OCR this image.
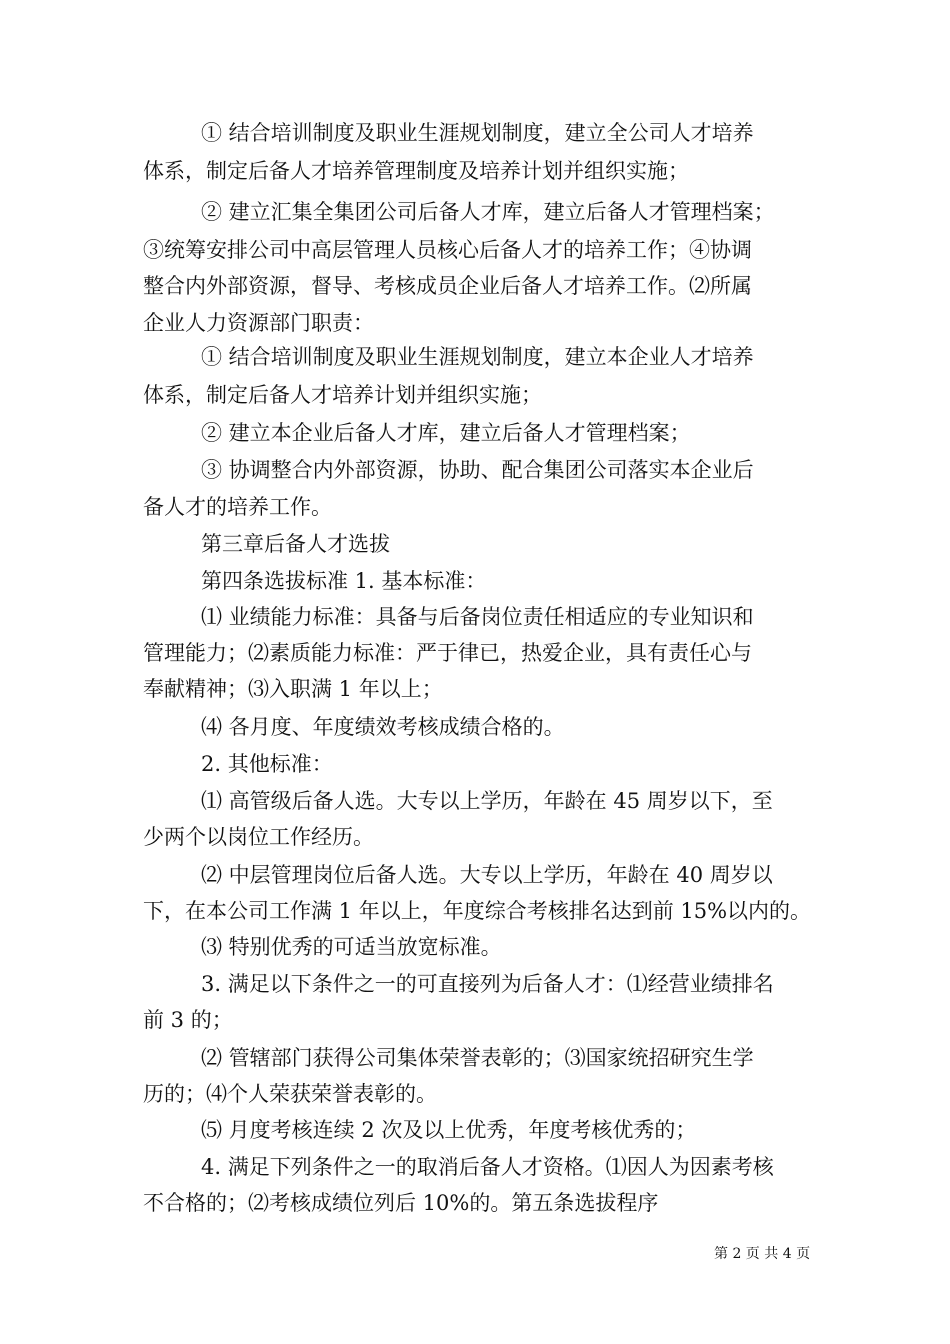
① 结合培训制度及职业生涯规划制度，建立全公司人才培养
体系，制定后备人才培养管理制度及培养计划并组织实施；
② 建立汇集全集团公司后备人才库，建立后备人才管理档案；
③统筹安排公司中高层管理人员核心后备人才的培养工作；④协调
整合内外部资源，督导、考核成员企业后备人才培养工作。⑵所属
企业人力资源部门职责：
① 结合培训制度及职业生涯规划制度，建立本企业人才培养
体系，制定后备人才培养计划并组织实施；
② 建立本企业后备人才库，建立后备人才管理档案；
③ 协调整合内外部资源，协助、配合集团公司落实本企业后
备人才的培养工作。
第三章后备人才选拔
第四条选拔标准 1. 基本标准：
⑴ 业绩能力标准：具备与后备岗位责任相适应的专业知识和
管理能力；⑵素质能力标准：严于律已，热爱企业，具有责任心与
奉献精神；⑶入职满 1 年以上；
⑷ 各月度、年度绩效考核成绩合格的。
2. 其他标准：
⑴ 高管级后备人选。大专以上学历，年龄在 45 周岁以下，至
少两个以岗位工作经历。
⑵ 中层管理岗位后备人选。大专以上学历，年龄在 40 周岁以
下，在本公司工作满 1 年以上，年度综合考核排名达到前 15%以内的。
⑶ 特别优秀的可适当放宽标准。
3. 满足以下条件之一的可直接列为后备人才：⑴经营业绩排名
前 3 的；
⑵ 管辖部门获得公司集体荣誉表彰的；⑶国家统招研究生学
历的；⑷个人荣获荣誉表彰的。
⑸ 月度考核连续 2 次及以上优秀，年度考核优秀的；
4. 满足下列条件之一的取消后备人才资格。⑴因人为因素考核
不合格的；⑵考核成绩位列后 10%的。第五条选拔程序
第 2 页 共 4 页
